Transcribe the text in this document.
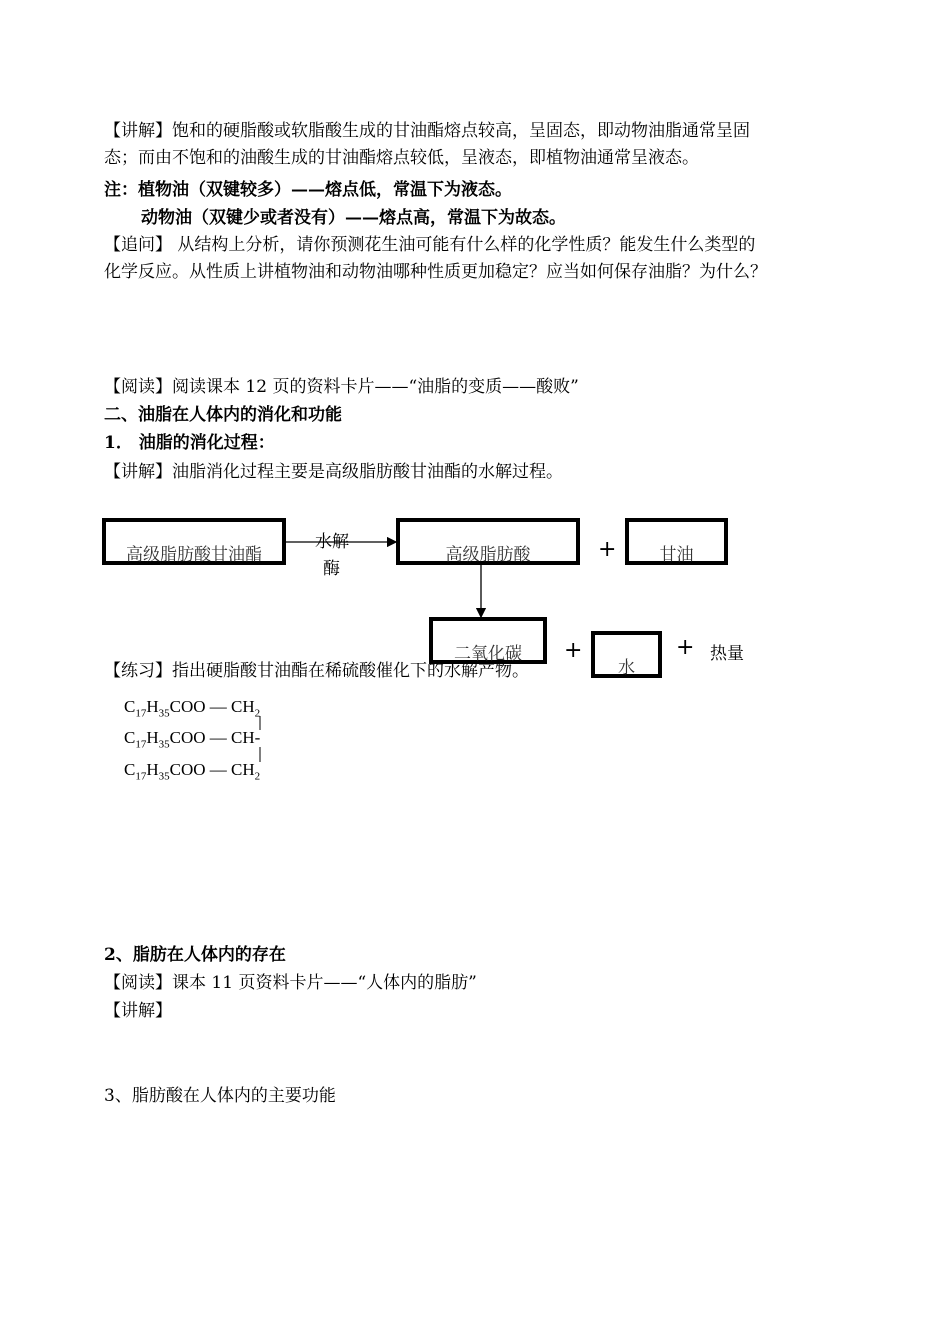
【讲解】饱和的硬脂酸或软脂酸生成的甘油酯熔点较高，呈固态，即动物油脂通常呈固
态；而由不饱和的油酸生成的甘油酯熔点较低，呈液态，即植物油通常呈液态。
注：植物油（双键较多）——熔点低，常温下为液态。
动物油（双键少或者没有）——熔点高，常温下为故态。
【追问】 从结构上分析，请你预测花生油可能有什么样的化学性质？能发生什么类型的
化学反应。从性质上讲植物油和动物油哪种性质更加稳定？应当如何保存油脂？为什么？
【阅读】阅读课本 12 页的资料卡片——“油脂的变质——酸败”
二、油脂在人体内的消化和功能
1． 油脂的消化过程：
【讲解】油脂消化过程主要是高级脂肪酸甘油酯的水解过程。
高级脂肪酸甘油酯
水解
酶
高级脂肪酸	+	甘油
二氧化碳	+
水
+ 热量
【练习】指出硬脂酸甘油酯在稀硫酸催化下的水解产物。
$C_{17}H_{35}COO$ — $CH_2$
$C_{17}H_{35}COO$ — CH-
$C_{17}H_{35}COO$ — $CH_2$
2、脂肪在人体内的存在
【阅读】课本 11 页资料卡片——“人体内的脂肪”
【讲解】
3、脂肪酸在人体内的主要功能
